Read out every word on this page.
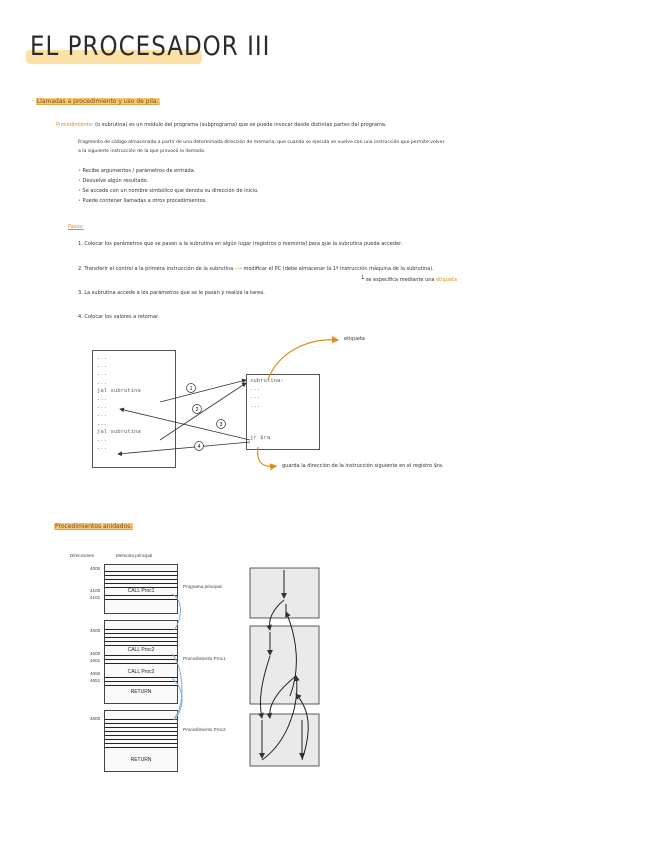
EL PROCESADOR III
· Llamadas a procedimiento y uso de pila:
Procedimiento: (o subrutina) es un módulo del programa (subprograma) que se puede invocar desde distintas partes del programa.
Fragmento de código almacenado a partir de una determinada dirección de memoria, que cuando se ejecuta se vuelve con una instrucción que permite volver
a la siguiente instrucción de la que provocó la llamada.
• Recibe argumentos / parámetros de entrada.
• Devuelve algún resultado.
• Se accede con un nombre simbólico que denota su dirección de inicio.
• Puede contener llamadas a otros procedimientos.
Pasos:
1. Colocar los parámetros que se pasan a la subrutina en algún lugar (registros o memoria) para que la subrutina pueda acceder.
2. Transferir el control a la primera instrucción de la subrutina ⟶ modificar el PC (debe almacenar la 1ª instrucción máquina de la subrutina).
└ se especifica mediante una etiqueta
3. La subrutina accede a los parámetros que se le pasan y realiza la tarea.
4. Colocar los valores a retornar.
...
...
...
...
jal subrutina
...
...
...
...
jal subrutina
...
...
subrutina:
...
...
...

jr $ra
1
2
3
4
etiqueta
guarda la dirección de la instrucción siguiente en el registro $ra.
Procedimientos anidados:
Direcciones	Memoria principal
4000
4100
4101
4500
4600
4601
4650
4651
4800
CALL Proc1
CALL Proc2
CALL Proc2
RETURN
RETURN
Programa principal
Procedimiento Proc1
Procedimiento Proc2
